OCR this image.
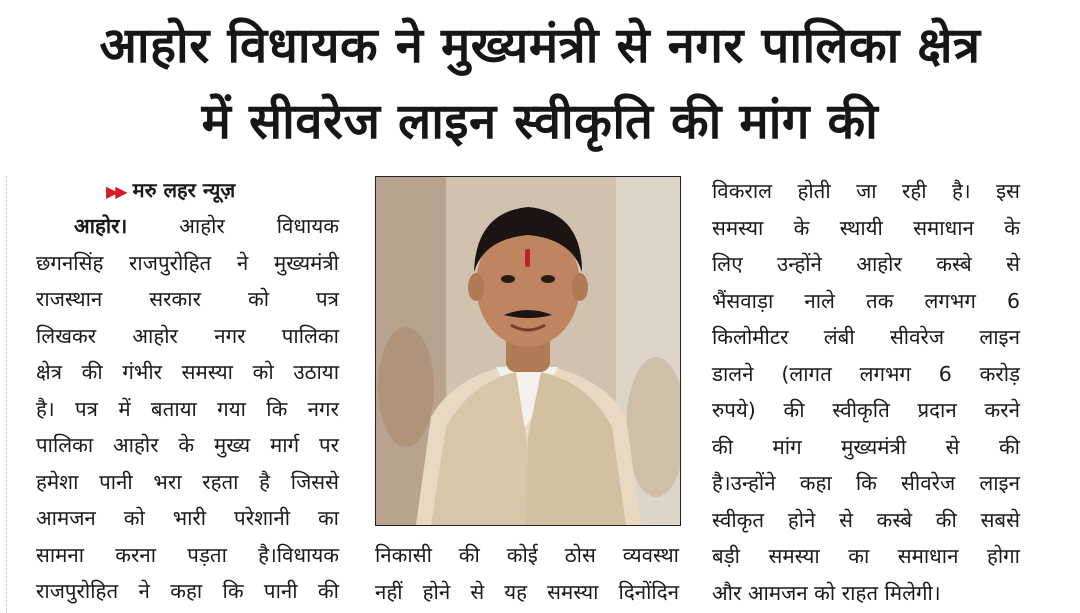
आहोर विधायक ने मुख्यमंत्री से नगर पालिका क्षेत्र
में सीवरेज लाइन स्वीकृति की मांग की
▶▶ मरु लहर न्यूज़
आहोर।	आहोर विधायक
छगनसिंह राजपुरोहित ने मुख्यमंत्री
राजस्थान सरकार को पत्र
लिखकर आहोर नगर पालिका
क्षेत्र की गंभीर समस्या को उठाया
है। पत्र में बताया गया कि नगर
पालिका आहोर के मुख्य मार्ग पर
हमेशा पानी भरा रहता है जिससे
आमजन को भारी परेशानी का
सामना करना पड़ता है।विधायक
राजपुरोहित ने कहा कि पानी की
निकासी की कोई ठोस व्यवस्था
नहीं होने से यह समस्या दिनोंदिन
विकराल होती जा रही है। इस
समस्या के स्थायी समाधान के
लिए उन्होंने आहोर कस्बे से
भैंसवाड़ा नाले तक लगभग 6
किलोमीटर लंबी सीवरेज लाइन
डालने (लागत लगभग 6 करोड़
रुपये) की स्वीकृति प्रदान करने
की मांग मुख्यमंत्री से की
है।उन्होंने कहा कि सीवरेज लाइन
स्वीकृत होने से कस्बे की सबसे
बड़ी समस्या का समाधान होगा
और आमजन को राहत मिलेगी।
